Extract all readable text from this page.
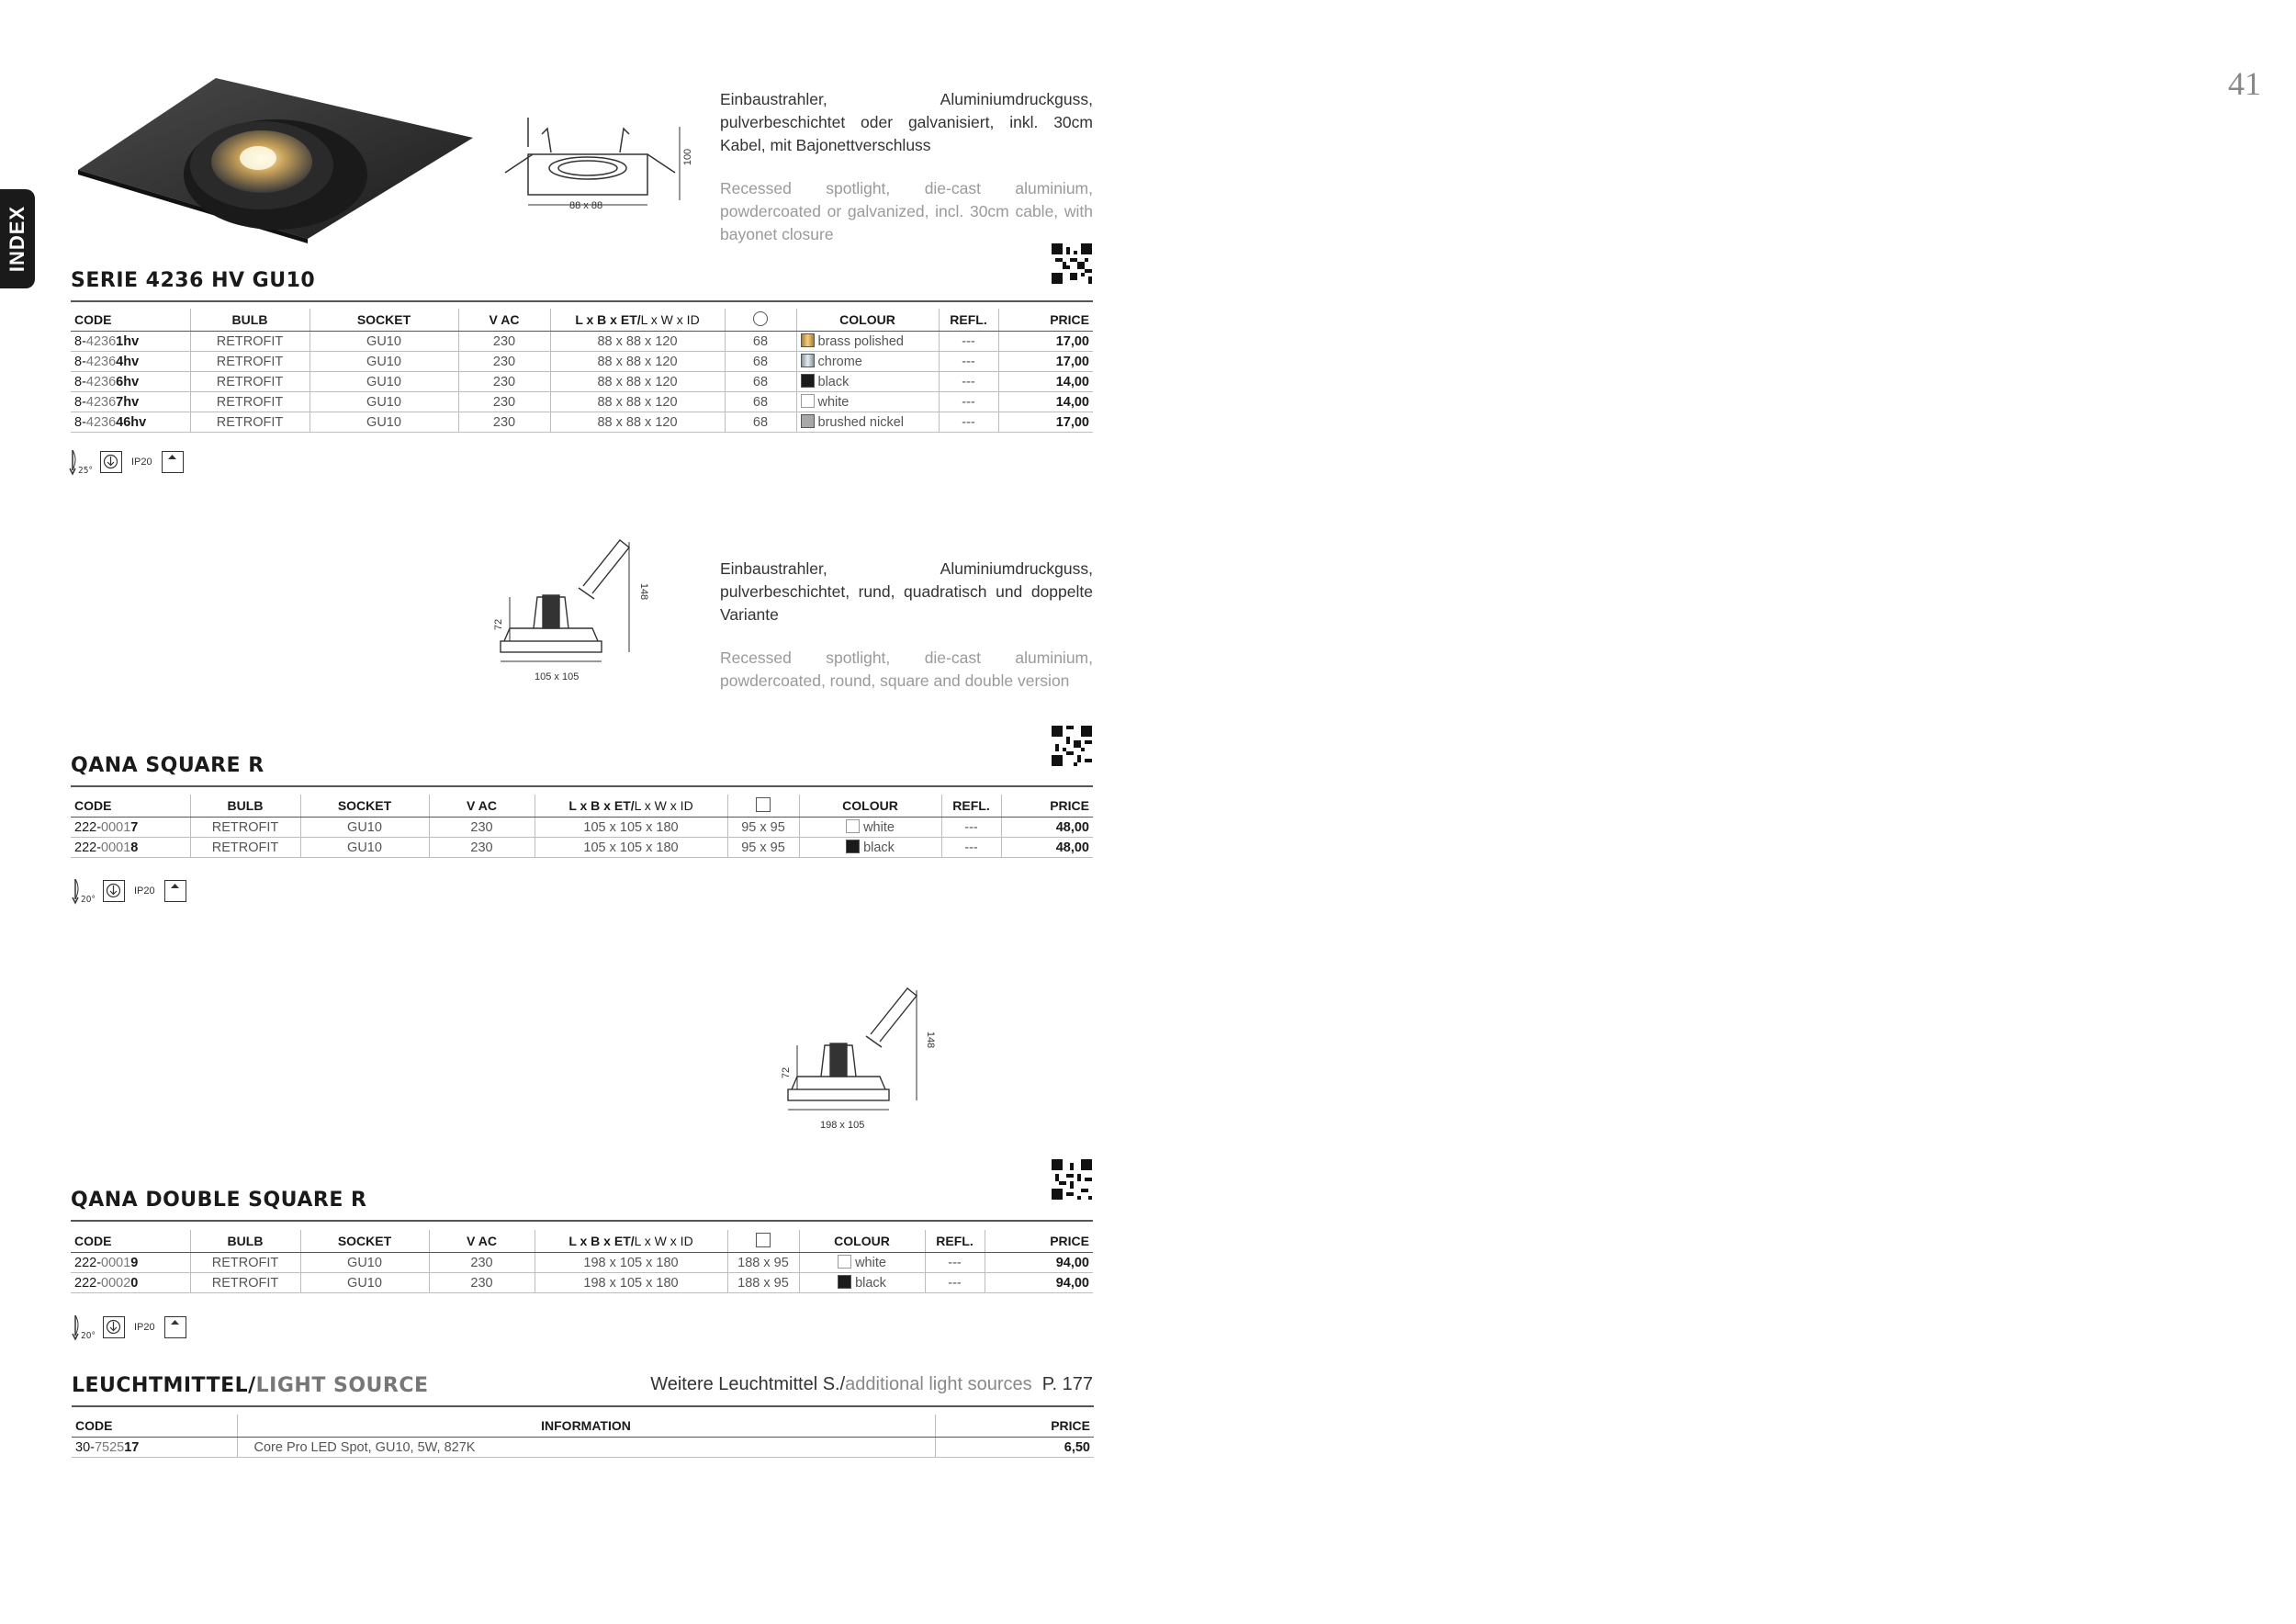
41
INDEX	88 x 88
100
Einbaustrahler, Aluminiumdruckguss, pulverbeschichtet oder galvanisiert, inkl. 30cm Kabel, mit Bajonettverschluss
Recessed spotlight, die-cast aluminium, powdercoated or galvanized, incl. 30cm cable, with bayonet closure
SERIE 4236 HV GU10
CODE	BULB	SOCKET	V AC	L x B x ET/L x W x ID		COLOUR	REFL.	PRICE
8-42361hv	RETROFIT	GU10	230	88 x 88 x 120	68	brass polished	---	17,00
8-42364hv	RETROFIT	GU10	230	88 x 88 x 120	68	chrome	---	17,00
8-42366hv	RETROFIT	GU10	230	88 x 88 x 120	68	black	---	14,00
8-42367hv	RETROFIT	GU10	230	88 x 88 x 120	68	white	---	14,00
8-423646hv	RETROFIT	GU10	230	88 x 88 x 120	68	brushed nickel	---	17,00
25°
IP20
105 x 105
72
148
Einbaustrahler, Aluminiumdruckguss, pulverbeschichtet, rund, quadratisch und doppelte Variante
Recessed spotlight, die-cast aluminium, powdercoated, round, square and double version
QANA SQUARE R
CODE	BULB	SOCKET	V AC	L x B x ET/L x W x ID		COLOUR	REFL.	PRICE
222-00017	RETROFIT	GU10	230	105 x 105 x 180	95 x 95	white	---	48,00
222-00018	RETROFIT	GU10	230	105 x 105 x 180	95 x 95	black	---	48,00
20°
IP20
198 x 105
72
148
QANA DOUBLE SQUARE R
CODE	BULB	SOCKET	V AC	L x B x ET/L x W x ID		COLOUR	REFL.	PRICE
222-00019	RETROFIT	GU10	230	198 x 105 x 180	188 x 95	white	---	94,00
222-00020	RETROFIT	GU10	230	198 x 105 x 180	188 x 95	black	---	94,00
20°
IP20
LEUCHTMITTEL/LIGHT SOURCE	Weitere Leuchtmittel S./additional light sources P. 177
CODE	INFORMATION	PRICE
30-752517	Core Pro LED Spot, GU10, 5W, 827K	6,50
